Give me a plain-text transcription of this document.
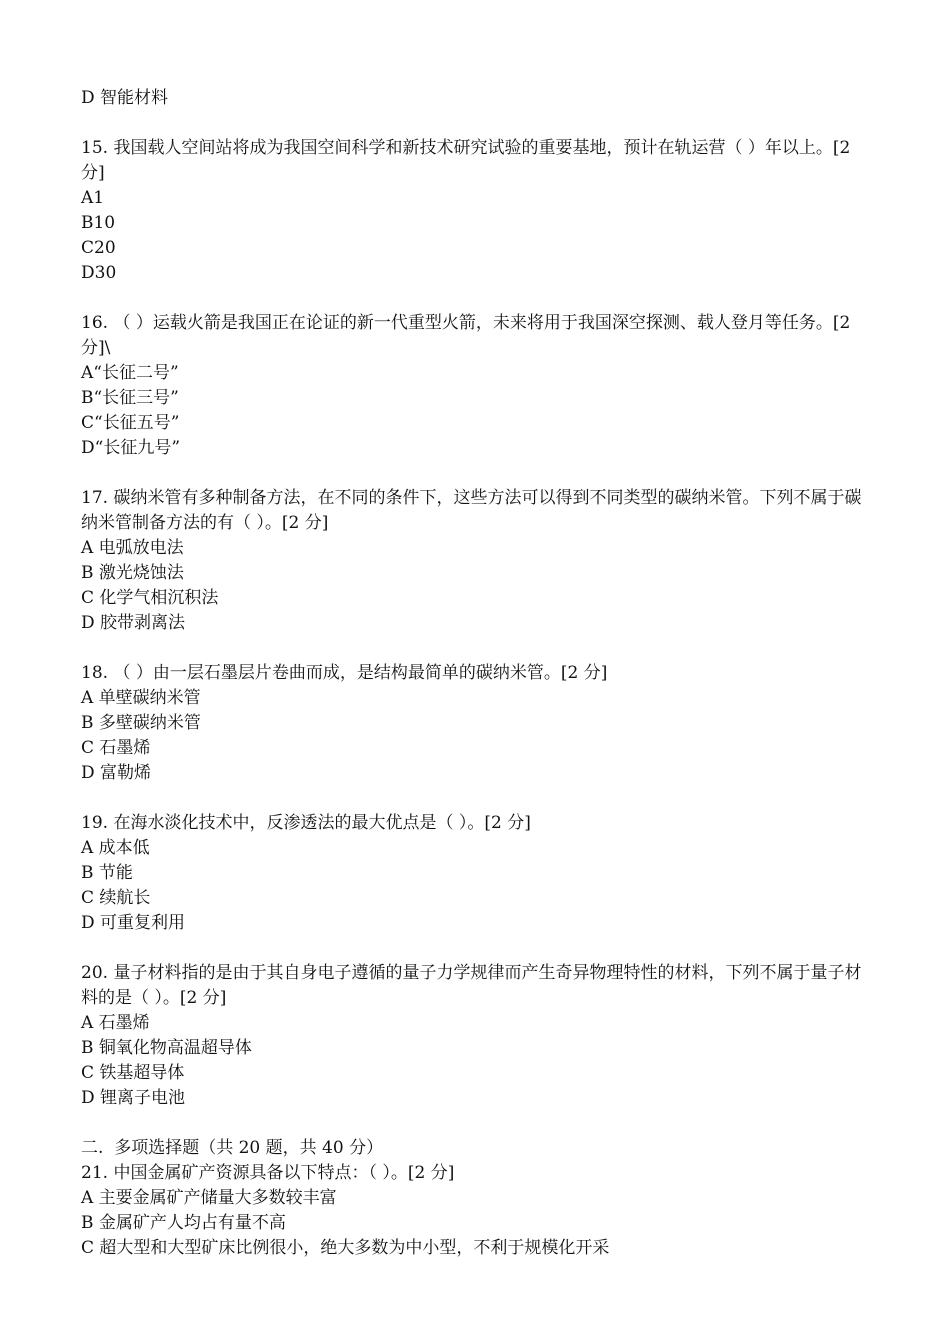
D 智能材料
15. 我国载人空间站将成为我国空间科学和新技术研究试验的重要基地，预计在轨运营（ ）年以上。[2 分]
A1
B10
C20
D30
16. （ ）运载火箭是我国正在论证的新一代重型火箭，未来将用于我国深空探测、载人登月等任务。[2 分]\
A“长征二号”
B“长征三号”
C“长征五号”
D“长征九号”
17. 碳纳米管有多种制备方法，在不同的条件下，这些方法可以得到不同类型的碳纳米管。下列不属于碳纳米管制备方法的有（ ）。[2 分]
A 电弧放电法
B 激光烧蚀法
C 化学气相沉积法
D 胶带剥离法
18. （ ）由一层石墨层片卷曲而成，是结构最简单的碳纳米管。[2 分]
A 单壁碳纳米管
B 多壁碳纳米管
C 石墨烯
D 富勒烯
19. 在海水淡化技术中，反渗透法的最大优点是（ ）。[2 分]
A 成本低
B 节能
C 续航长
D 可重复利用
20. 量子材料指的是由于其自身电子遵循的量子力学规律而产生奇异物理特性的材料，下列不属于量子材料的是（ ）。[2 分]
A 石墨烯
B 铜氧化物高温超导体
C 铁基超导体
D 锂离子电池
二.  多项选择题（共 20 题，共 40 分）
21. 中国金属矿产资源具备以下特点：（ ）。[2 分]
A 主要金属矿产储量大多数较丰富
B 金属矿产人均占有量不高
C 超大型和大型矿床比例很小，绝大多数为中小型，不利于规模化开采
